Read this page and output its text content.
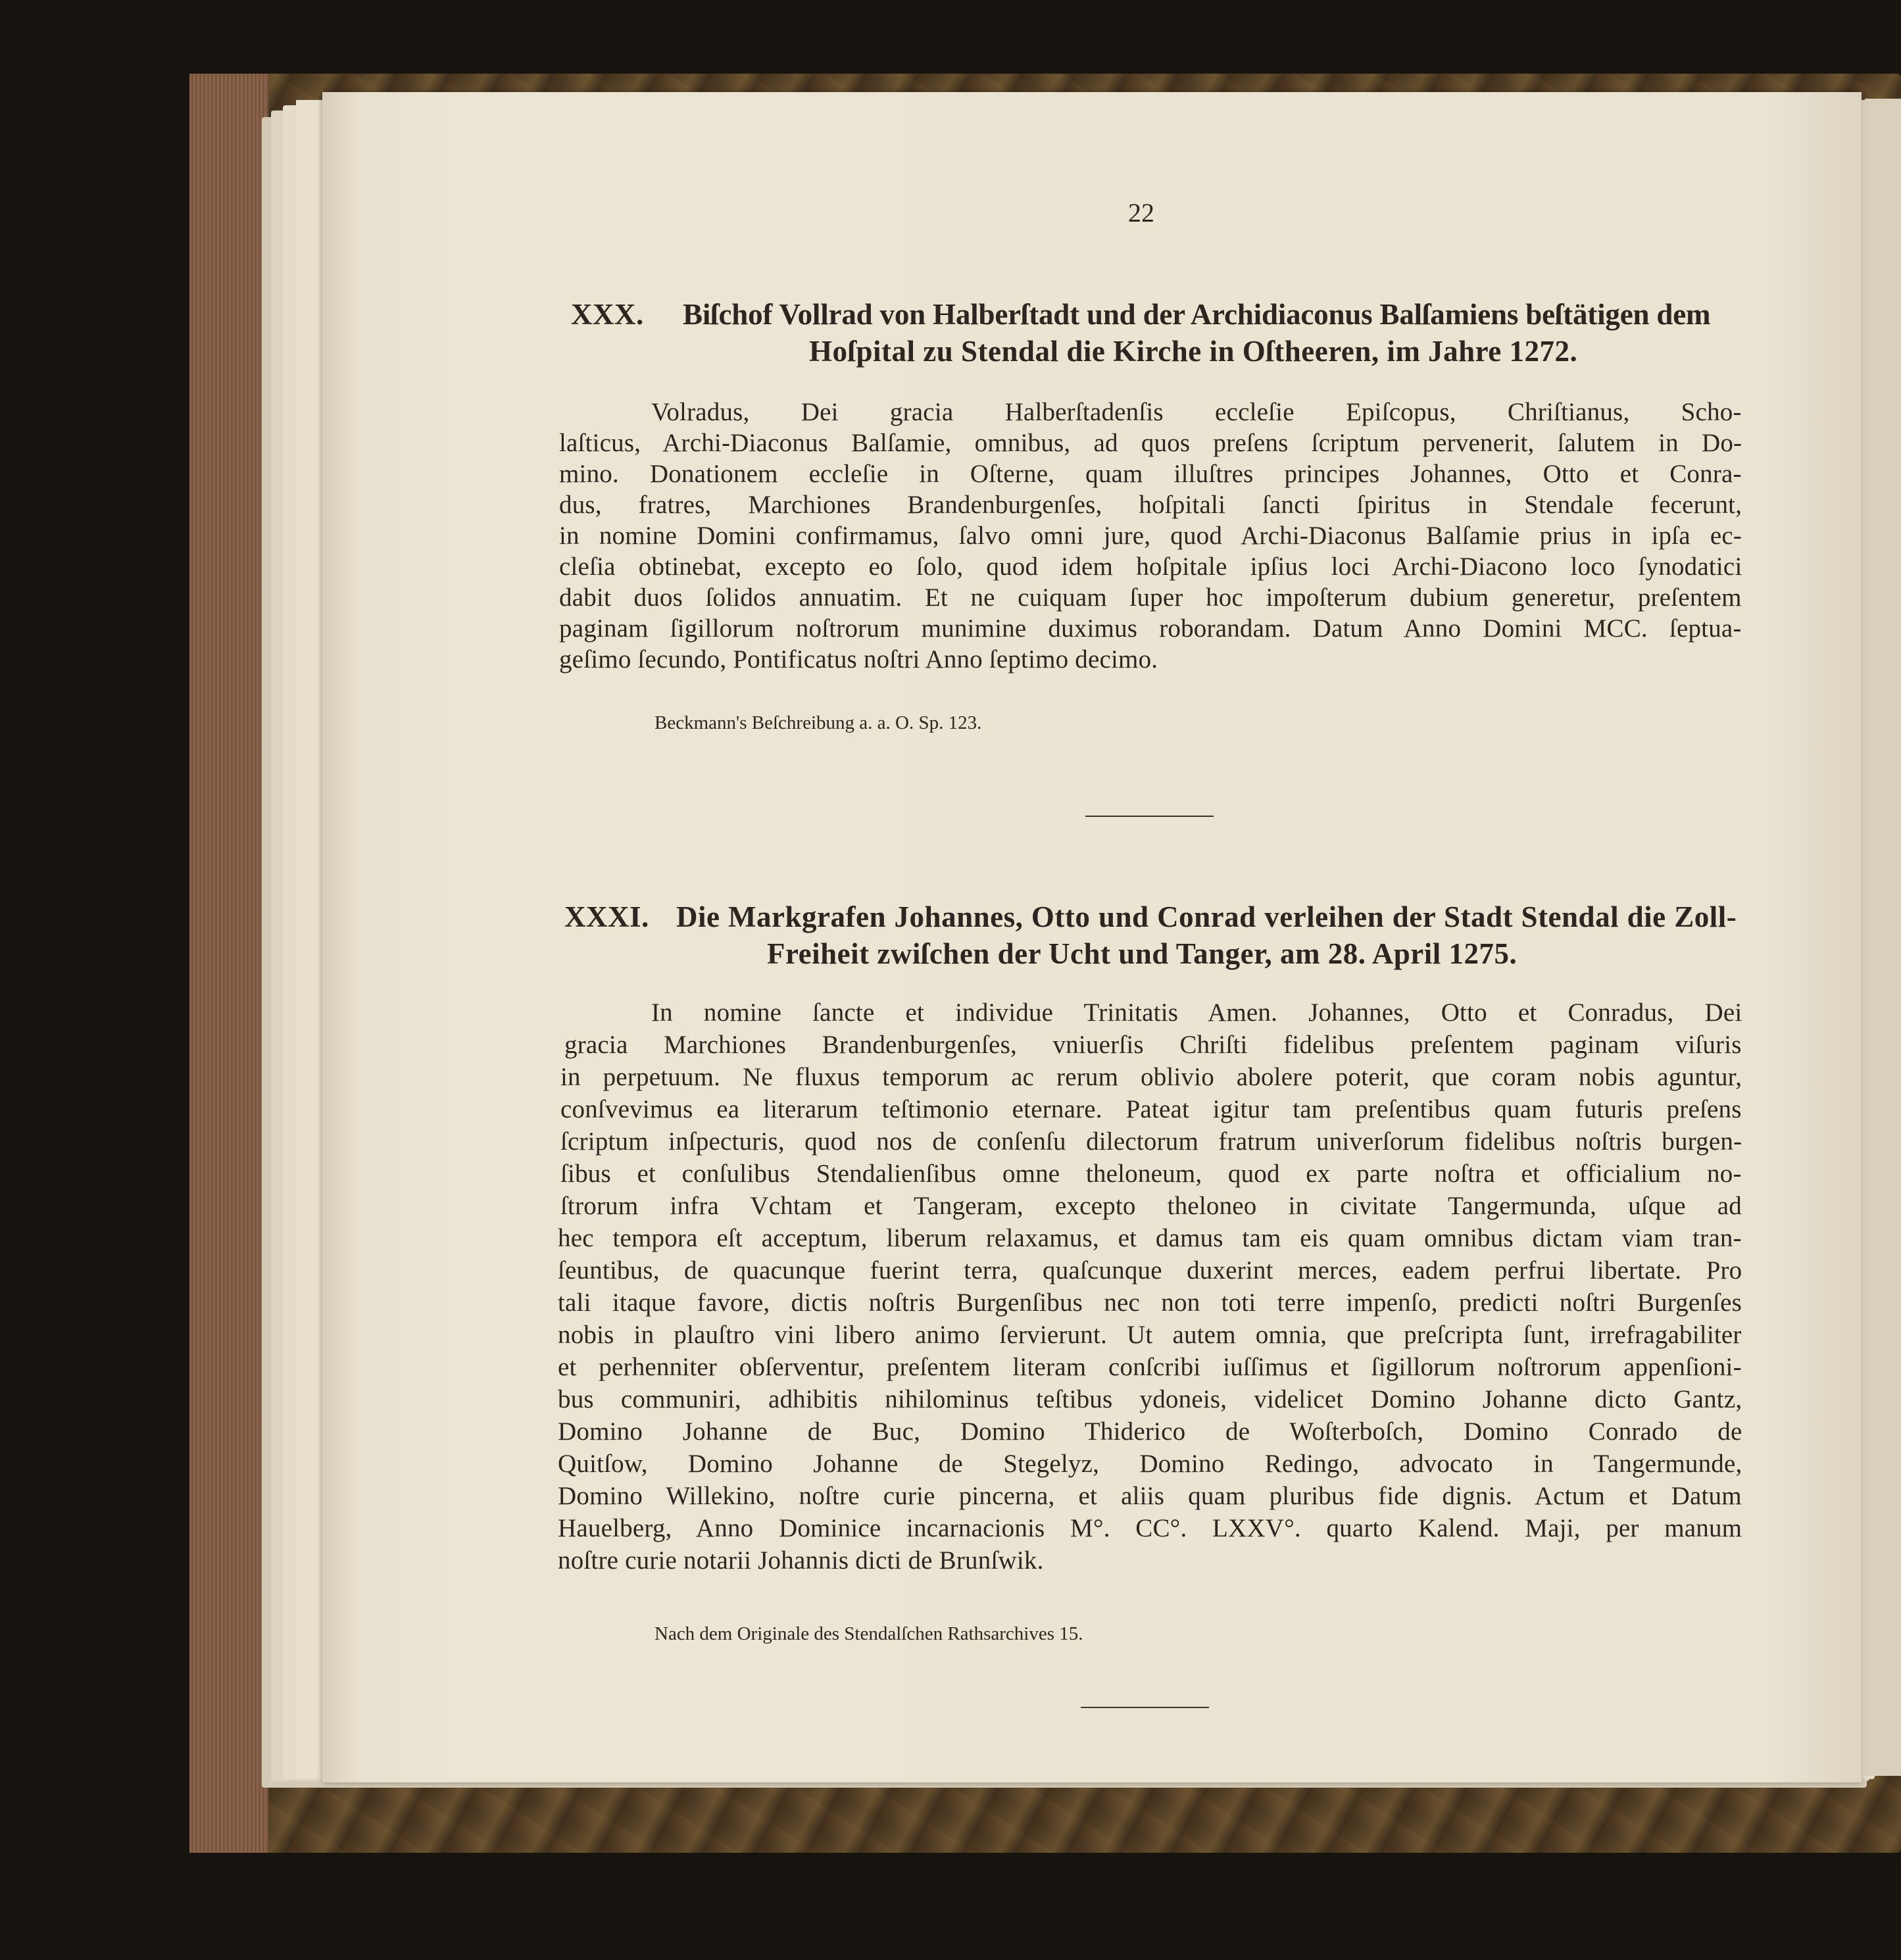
22
XXX. Biſchof Vollrad von Halberſtadt und der Archidiaconus Balſamiens beſtätigen dem
Hoſpital zu Stendal die Kirche in Oſtheeren, im Jahre 1272.
Volradus, Dei gracia Halberſtadenſis eccleſie Epiſcopus, Chriſtianus, Scho-
laſticus, Archi-Diaconus Balſamie, omnibus, ad quos preſens ſcriptum pervenerit, ſalutem in Do-
mino. Donationem eccleſie in Oſterne, quam illuſtres principes Johannes, Otto et Conra-
dus, fratres, Marchiones Brandenburgenſes, hoſpitali ſancti ſpiritus in Stendale fecerunt,
in nomine Domini confirmamus, ſalvo omni jure, quod Archi-Diaconus Balſamie prius in ipſa ec-
cleſia obtinebat, excepto eo ſolo, quod idem hoſpitale ipſius loci Archi-Diacono loco ſynodatici
dabit duos ſolidos annuatim. Et ne cuiquam ſuper hoc impoſterum dubium generetur, preſentem
paginam ſigillorum noſtrorum munimine duximus roborandam. Datum Anno Domini MCC. ſeptua-
geſimo ſecundo, Pontificatus noſtri Anno ſeptimo decimo.
Beckmann's Beſchreibung a. a. O. Sp. 123.
XXXI. Die Markgrafen Johannes, Otto und Conrad verleihen der Stadt Stendal die Zoll-
Freiheit zwiſchen der Ucht und Tanger, am 28. April 1275.
In nomine ſancte et individue Trinitatis Amen. Johannes, Otto et Conradus, Dei
gracia Marchiones Brandenburgenſes, vniuerſis Chriſti fidelibus preſentem paginam viſuris
in perpetuum. Ne fluxus temporum ac rerum oblivio abolere poterit, que coram nobis aguntur,
conſvevimus ea literarum teſtimonio eternare. Pateat igitur tam preſentibus quam futuris preſens
ſcriptum inſpecturis, quod nos de conſenſu dilectorum fratrum univerſorum fidelibus noſtris burgen-
ſibus et conſulibus Stendalienſibus omne theloneum, quod ex parte noſtra et officialium no-
ſtrorum infra Vchtam et Tangeram, excepto theloneo in civitate Tangermunda, uſque ad
hec tempora eſt acceptum, liberum relaxamus, et damus tam eis quam omnibus dictam viam tran-
ſeuntibus, de quacunque fuerint terra, quaſcunque duxerint merces, eadem perfrui libertate. Pro
tali itaque favore, dictis noſtris Burgenſibus nec non toti terre impenſo, predicti noſtri Burgenſes
nobis in plauſtro vini libero animo ſervierunt. Ut autem omnia, que preſcripta ſunt, irrefragabiliter
et perhenniter obſerventur, preſentem literam conſcribi iuſſimus et ſigillorum noſtrorum appenſioni-
bus communiri, adhibitis nihilominus teſtibus ydoneis, videlicet Domino Johanne dicto Gantz,
Domino Johanne de Buc, Domino Thiderico de Woſterboſch, Domino Conrado de
Quitſow, Domino Johanne de Stegelyz, Domino Redingo, advocato in Tangermunde,
Domino Willekino, noſtre curie pincerna, et aliis quam pluribus fide dignis. Actum et Datum
Hauelberg, Anno Dominice incarnacionis M°. CC°. LXXV°. quarto Kalend. Maji, per manum
noſtre curie notarii Johannis dicti de Brunſwik.
Nach dem Originale des Stendalſchen Rathsarchives 15.
